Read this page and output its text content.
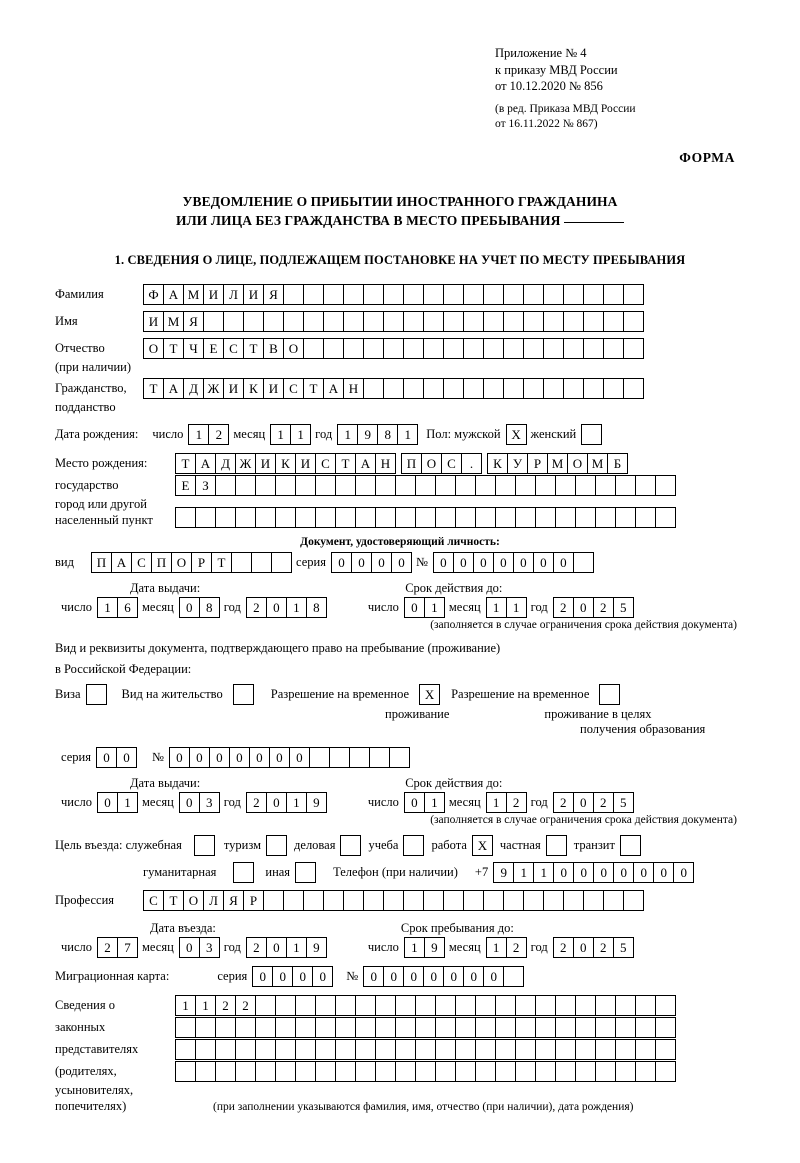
Приложение № 4
к приказу МВД России
от 10.12.2020 № 856
(в ред. Приказа МВД России
от 16.11.2022 № 867)
ФОРМА
УВЕДОМЛЕНИЕ О ПРИБЫТИИ ИНОСТРАННОГО ГРАЖДАНИНА
ИЛИ ЛИЦА БЕЗ ГРАЖДАНСТВА В МЕСТО ПРЕБЫВАНИЯ
1. СВЕДЕНИЯ О ЛИЦЕ, ПОДЛЕЖАЩЕМ ПОСТАНОВКЕ НА УЧЕТ ПО МЕСТУ ПРЕБЫВАНИЯ
Фамилия	Ф А М И Л И Я
Имя	И М Я
Отчество	О Т Ч Е С Т В О
(при наличии)
Гражданство,	Т А Д Ж И К И С Т А Н
подданство
Дата рождения:	число 1	2 месяц 1	1 год 1	9	8	1	Пол: мужской Х женский
Место рождения:	Т А Д Ж И К И С Т А Н	П О С	.	К У Р М О М Б
государство	Е З
город или другой
населенный пункт
Документ, удостоверяющий личность:
вид	П А С П О Р Т	серия 0	0	0	0 № 0	0	0	0	0	0	0
Дата выдачи:	Срок действия до:
число 1	6 месяц 0	8 год 2	0	1	8	число 0	1 месяц 1	1 год 2	0	2	5
(заполняется в случае ограничения срока действия документа)
Вид и реквизиты документа, подтверждающего право на пребывание (проживание)
в Российской Федерации:
Виза	Вид на жительство	Разрешение на временное	Х	Разрешение на временное
проживание	проживание в целях
получения образования
серия 0	0	№ 0	0	0	0	0	0	0
Дата выдачи:	Срок действия до:
число 0	1 месяц 0	3 год 2	0	1	9	число 0	1 месяц 1	2 год 2	0	2	5
(заполняется в случае ограничения срока действия документа)
Цель въезда: служебная	туризм	деловая	учеба	работа Х	частная	транзит
гуманитарная	иная	Телефон (при наличии)	+7 9	1	1	0	0	0	0	0	0	0
Профессия	С Т О Л Я Р
Дата въезда:	Срок пребывания до:
число 2	7 месяц 0	3 год 2	0	1	9	число 1	9 месяц 1	2 год 2	0	2	5
Миграционная карта:	серия 0	0	0	0	№ 0	0	0	0	0	0	0
Сведения о	1	1	2	2
законных
представителях
(родителях,
усыновителях,
попечителях)	(при заполнении указываются фамилия, имя, отчество (при наличии), дата рождения)
